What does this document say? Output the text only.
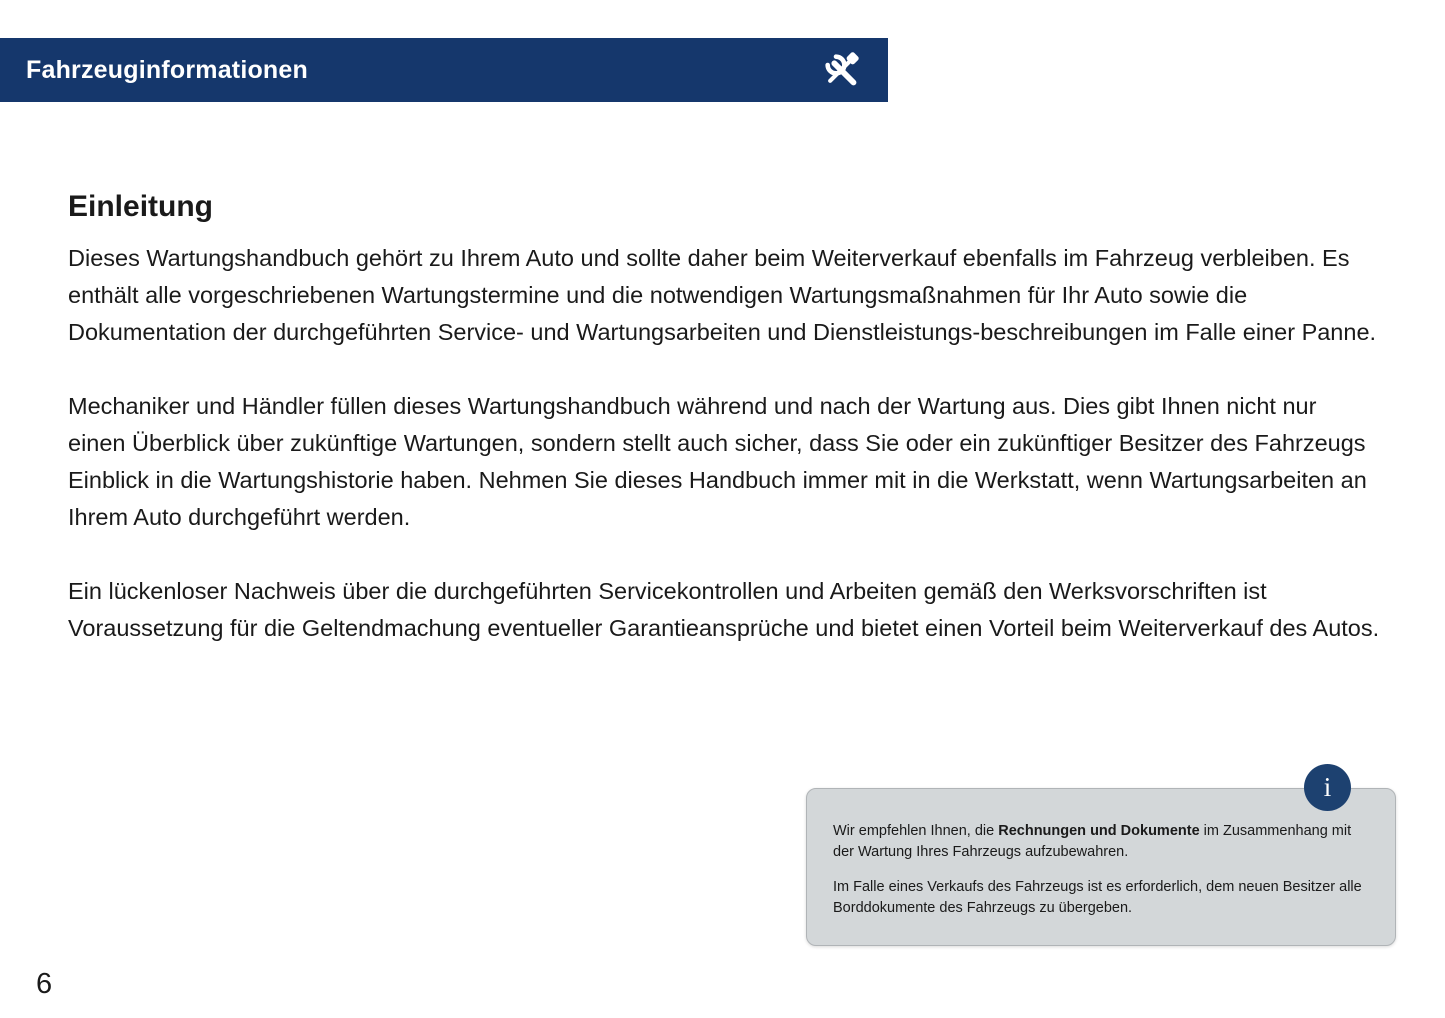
Fahrzeuginformationen
Einleitung

Dieses Wartungshandbuch gehört zu Ihrem Auto und sollte daher beim Weiterverkauf ebenfalls im Fahrzeug verbleiben. Es enthält alle vorgeschriebenen Wartungstermine und die notwendigen Wartungsmaßnahmen für Ihr Auto sowie die Dokumentation der durchgeführten Service- und Wartungsarbeiten und Dienstleistungs-beschreibungen im Falle einer Panne.

Mechaniker und Händler füllen dieses Wartungshandbuch während und nach der Wartung aus. Dies gibt Ihnen nicht nur einen Überblick über zukünftige Wartungen, sondern stellt auch sicher, dass Sie oder ein zukünftiger Besitzer des Fahrzeugs Einblick in die Wartungshistorie haben. Nehmen Sie dieses Handbuch immer mit in die Werkstatt, wenn Wartungsarbeiten an Ihrem Auto durchgeführt werden.

Ein lückenloser Nachweis über die durchgeführten Servicekontrollen und Arbeiten gemäß den Werksvorschriften ist Voraussetzung für die Geltendmachung eventueller Garantieansprüche und bietet einen Vorteil beim Weiterverkauf des Autos.

i

Wir empfehlen Ihnen, die Rechnungen und Dokumente im Zusammenhang mit der Wartung Ihres Fahrzeugs aufzubewahren.

Im Falle eines Verkaufs des Fahrzeugs ist es erforderlich, dem neuen Besitzer alle Borddokumente des Fahrzeugs zu übergeben.

6
